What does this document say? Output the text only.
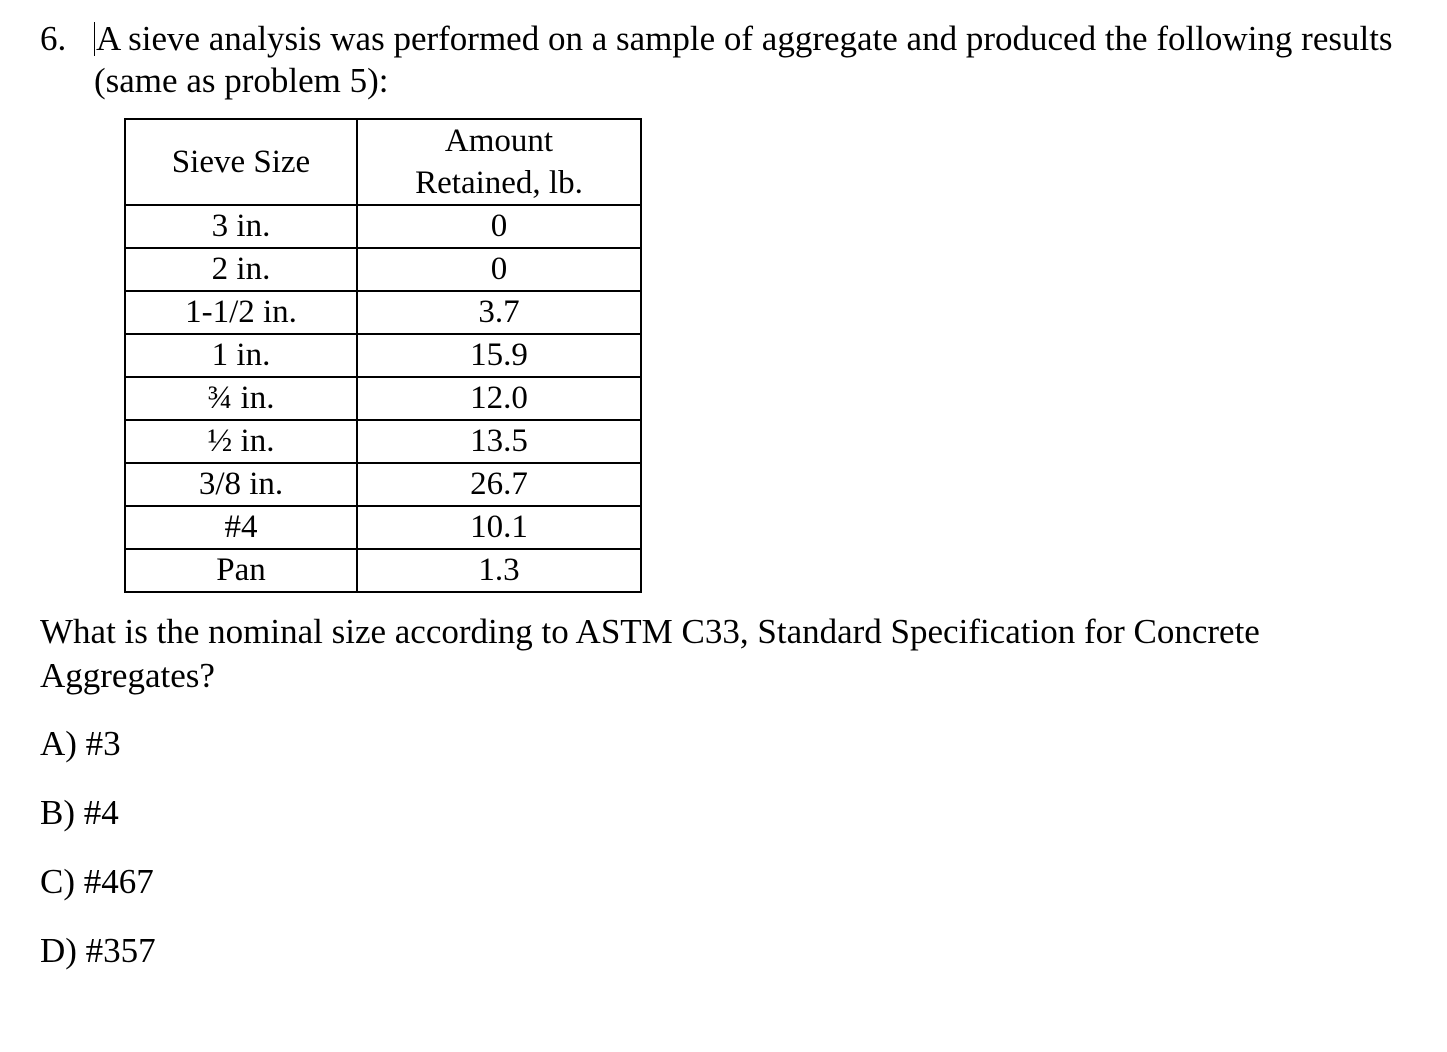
6. A sieve analysis was performed on a sample of aggregate and produced the following results
(same as problem 5):
Sieve Size	Amount
Retained, lb.
3 in.	0
2 in.	0
1-1/2 in.	3.7
1 in.	15.9
¾ in.	12.0
½ in.	13.5
3/8 in.	26.7
#4	10.1
Pan	1.3
What is the nominal size according to ASTM C33, Standard Specification for Concrete
Aggregates?
A) #3
B) #4
C) #467
D) #357
